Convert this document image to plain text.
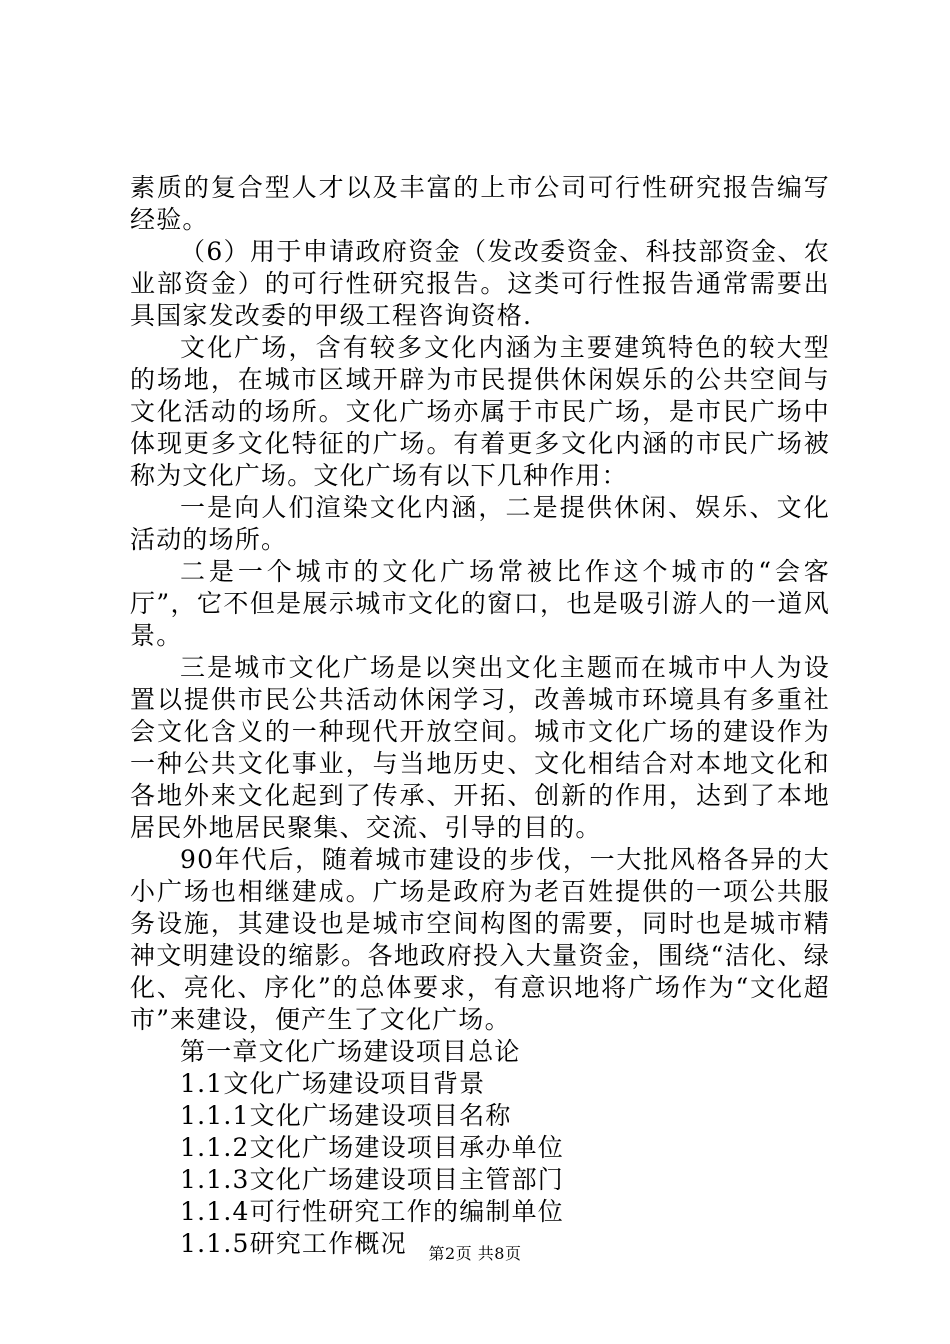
素质的复合型人才以及丰富的上市公司可行性研究报告编写经验。

（6）用于申请政府资金（发改委资金、科技部资金、农业部资金）的可行性研究报告。这类可行性报告通常需要出具国家发改委的甲级工程咨询资格.

文化广场，含有较多文化内涵为主要建筑特色的较大型的场地，在城市区域开辟为市民提供休闲娱乐的公共空间与文化活动的场所。文化广场亦属于市民广场，是市民广场中体现更多文化特征的广场。有着更多文化内涵的市民广场被称为文化广场。文化广场有以下几种作用：

一是向人们渲染文化内涵，二是提供休闲、娱乐、文化活动的场所。

二是一个城市的文化广场常被比作这个城市的“会客厅”，它不但是展示城市文化的窗口，也是吸引游人的一道风景。

三是城市文化广场是以突出文化主题而在城市中人为设置以提供市民公共活动休闲学习，改善城市环境具有多重社会文化含义的一种现代开放空间。城市文化广场的建设作为一种公共文化事业，与当地历史、文化相结合对本地文化和各地外来文化起到了传承、开拓、创新的作用，达到了本地居民外地居民聚集、交流、引导的目的。

90年代后，随着城市建设的步伐，一大批风格各异的大小广场也相继建成。广场是政府为老百姓提供的一项公共服务设施，其建设也是城市空间构图的需要，同时也是城市精神文明建设的缩影。各地政府投入大量资金，围绕“洁化、绿化、亮化、序化”的总体要求，有意识地将广场作为“文化超市”来建设，便产生了文化广场。

第一章文化广场建设项目总论

1.1文化广场建设项目背景

1.1.1文化广场建设项目名称

1.1.2文化广场建设项目承办单位

1.1.3文化广场建设项目主管部门

1.1.4可行性研究工作的编制单位

1.1.5研究工作概况	第2页 共8页
